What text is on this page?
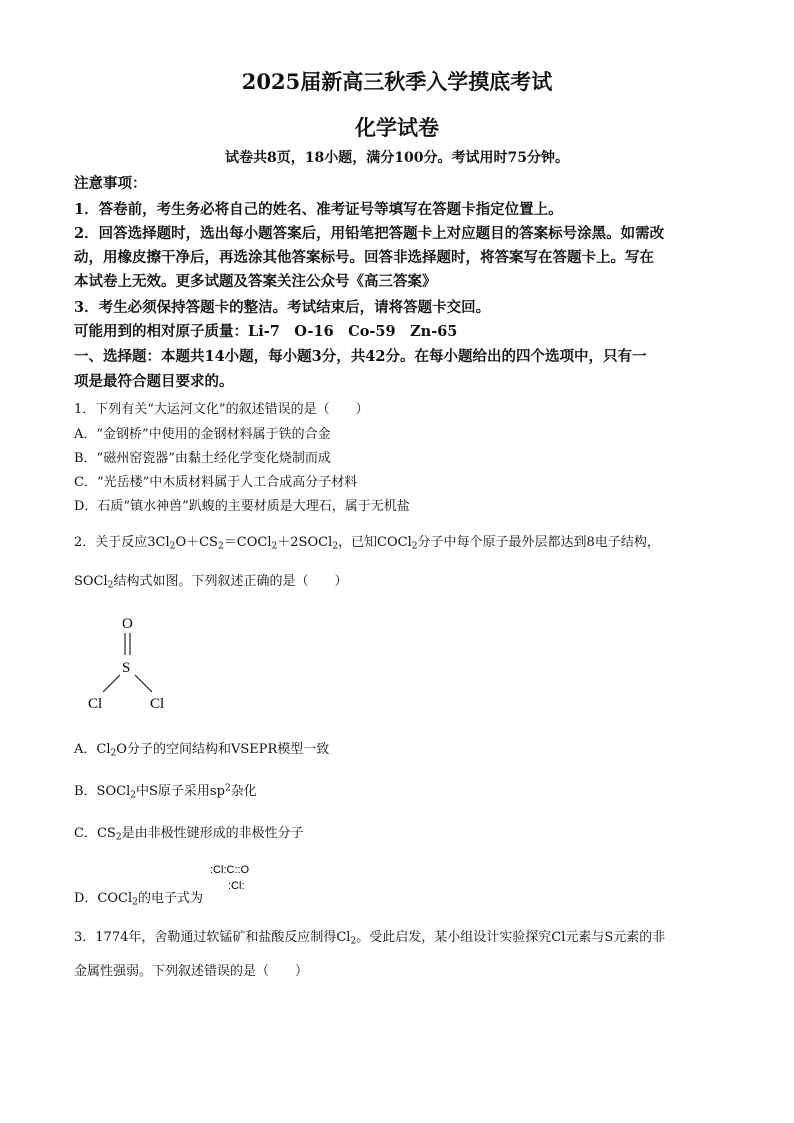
2025届新高三秋季入学摸底考试
化学试卷
试卷共8页，18小题，满分100分。考试用时75分钟。
注意事项：
1．答卷前，考生务必将自己的姓名、准考证号等填写在答题卡指定位置上。
2．回答选择题时，选出每小题答案后，用铅笔把答题卡上对应题目的答案标号涂黑。如需改
动，用橡皮擦干净后，再选涂其他答案标号。回答非选择题时，将答案写在答题卡上。写在
本试卷上无效。更多试题及答案关注公众号《高三答案》
3．考生必须保持答题卡的整洁。考试结束后，请将答题卡交回。
可能用到的相对原子质量：Li-7　O-16　Co-59　Zn-65
一、选择题：本题共14小题，每小题3分，共42分。在每小题给出的四个选项中，只有一
项是最符合题目要求的。
1．下列有关“大运河文化”的叙述错误的是（　　）
A．“金钢桥”中使用的金钢材料属于铁的合金
B．“磁州窑瓷器”由黏土经化学变化烧制而成
C．“光岳楼”中木质材料属于人工合成高分子材料
D．石质“镇水神兽”趴蝮的主要材质是大理石，属于无机盐
2．关于反应$3Cl_2O+CS_2=COCl_2+2SOCl_2$，已知COCl$_2$分子中每个原子最外层都达到8电子结构，
SOCl$_2$结构式如图。下列叙述正确的是（　　）
O
S
Cl	Cl
A．$Cl_2O$分子的空间结构和VSEPR模型一致
B．SOCl$_2$中S原子采用$sp^2$杂化
C．$CS_2$是由非极性键形成的非极性分子
:Cl:C::O
:Cl:
D．COCl$_2$的电子式为
3．1774年，舍勒通过软锰矿和盐酸反应制得$Cl_2$。受此启发，某小组设计实验探究Cl元素与S元素的非
金属性强弱。下列叙述错误的是（　　）
